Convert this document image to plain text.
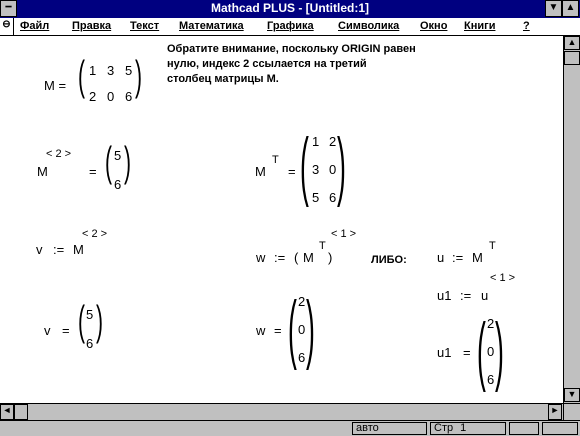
━	Mathcad PLUS - [Untitled:1]	▼ ▲
⊖ Файл Правка Текст Математика Графика Символика Окно Книги	?
Обратите внимание, поскольку ORIGIN равен
нулю, индекс 2 ссылается на третий
столбец матрицы M.
M = ( 1 3 5
2 0 6 )
M
< 2 >
= ( 5
6 )	M
T
= ( 1 2
3 0
5 6 )
v := M
< 2 >
w := ( M
T
)
< 1 >
ЛИБО: u := M
T
u1 := u
< 1 >
v = ( 5
6 )	w = ( 2
0
6 )	u1 = ( 2
0
6 )
▲
▼
◄	►
авто	Стр 1
